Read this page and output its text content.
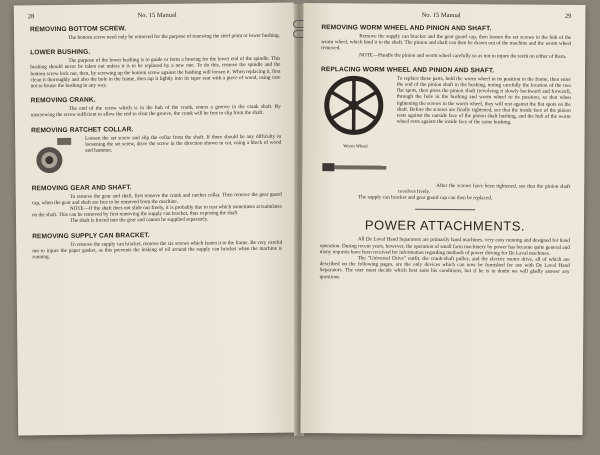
28	No. 15 Manual
REMOVING BOTTOM SCREW.
The bottom screw need only be removed for the purpose of renewing the steel point or lower bushing.
LOWER BUSHING.
The purpose of the lower bushing is to guide or form a bearing for the lower end of the spindle. This bushing should never be taken out unless it is to be replaced by a new one. To do this, remove the spindle and the bottom screw lock nut, then, by screwing up the bottom screw against the bushing will loosen it. When replacing it, first clean it thoroughly and also the hole in the frame, then tap it lightly into its taper seat with a piece of wood, using care not to bruise the bushing in any way.
REMOVING CRANK.
The end of the screw which is in the hub of the crank, enters a groove in the crank shaft. By unscrewing the screw sufficient to allow the end to clear the groove, the crank will be free to slip from the shaft.
REMOVING RATCHET COLLAR.
Loosen the set screw and slip the collar from the shaft. If there should be any difficulty in loosening the set screw, drive the screw in the direction shown in cut, using a block of wood and hammer.
REMOVING GEAR AND SHAFT.
To remove the gear and shaft, first remove the crank and ratchet collar. Then remove the gear guard cap, when the gear and shaft are free to be removed from the machine.
NOTE—If the shaft does not slide out freely, it is probably due to rust which sometimes accumulates on the shaft. This can be removed by first removing the supply can bracket, thus exposing the shaft.
The shaft is forced into the gear and cannot be supplied separately.
REMOVING SUPPLY CAN BRACKET.
To remove the supply can bracket, remove the six screws which fasten it to the frame. Be very careful not to injure the paper gasket, as this prevents the leaking of oil around the supply can bracket when the machine is running.
No. 15 Manual	29
REMOVING WORM WHEEL AND PINION AND SHAFT.
Remove the supply can bracket and the gear guard cap, then loosen the set screws in the hub of the worm wheel, which bind it to the shaft. The pinion and shaft can then be drawn out of the machine and the worm wheel removed.
NOTE—Handle the pinion and worm wheel carefully so as not to injure the teeth on either of them.
REPLACING WORM WHEEL AND PINION AND SHAFT.
Worm Wheel
To replace these parts, hold the worm wheel in its position in the frame, then enter the end of the pinion shaft in the bushing, noting carefully the location of the two flat spots, then press the pinion shaft (revolving it slowly backward and forward), through the hole in the bushing and worm wheel to its position, so that when tightening the screws in the worm wheel, they will rest against the flat spots on the shaft. Before the screws are finally tightened, see that the inside face of the pinion rests against the outside face of the pinion shaft bushing, and the hub of the worm wheel rests against the inside face of the same bushing.
After the screws have been tightened, see that the pinion shaft revolves freely.
The supply can bracket and gear guard cap can then be replaced.
POWER ATTACHMENTS.
All De Laval Hand Separators are primarily hand machines, very easy running and designed for hand operation. During recent years, however, the operation of small farm machinery by power has become quite general and many requests have been received for information regarding methods of power driving for De Laval machines.
The "Universal Drive" outfit, the crank-shaft pulley, and the electric motor drive, all of which are described on the following pages, are the only devices which can now be furnished for use with De Laval Hand Separators. The user must decide which best suits his conditions, but if he is in doubt we will gladly answer any questions.
